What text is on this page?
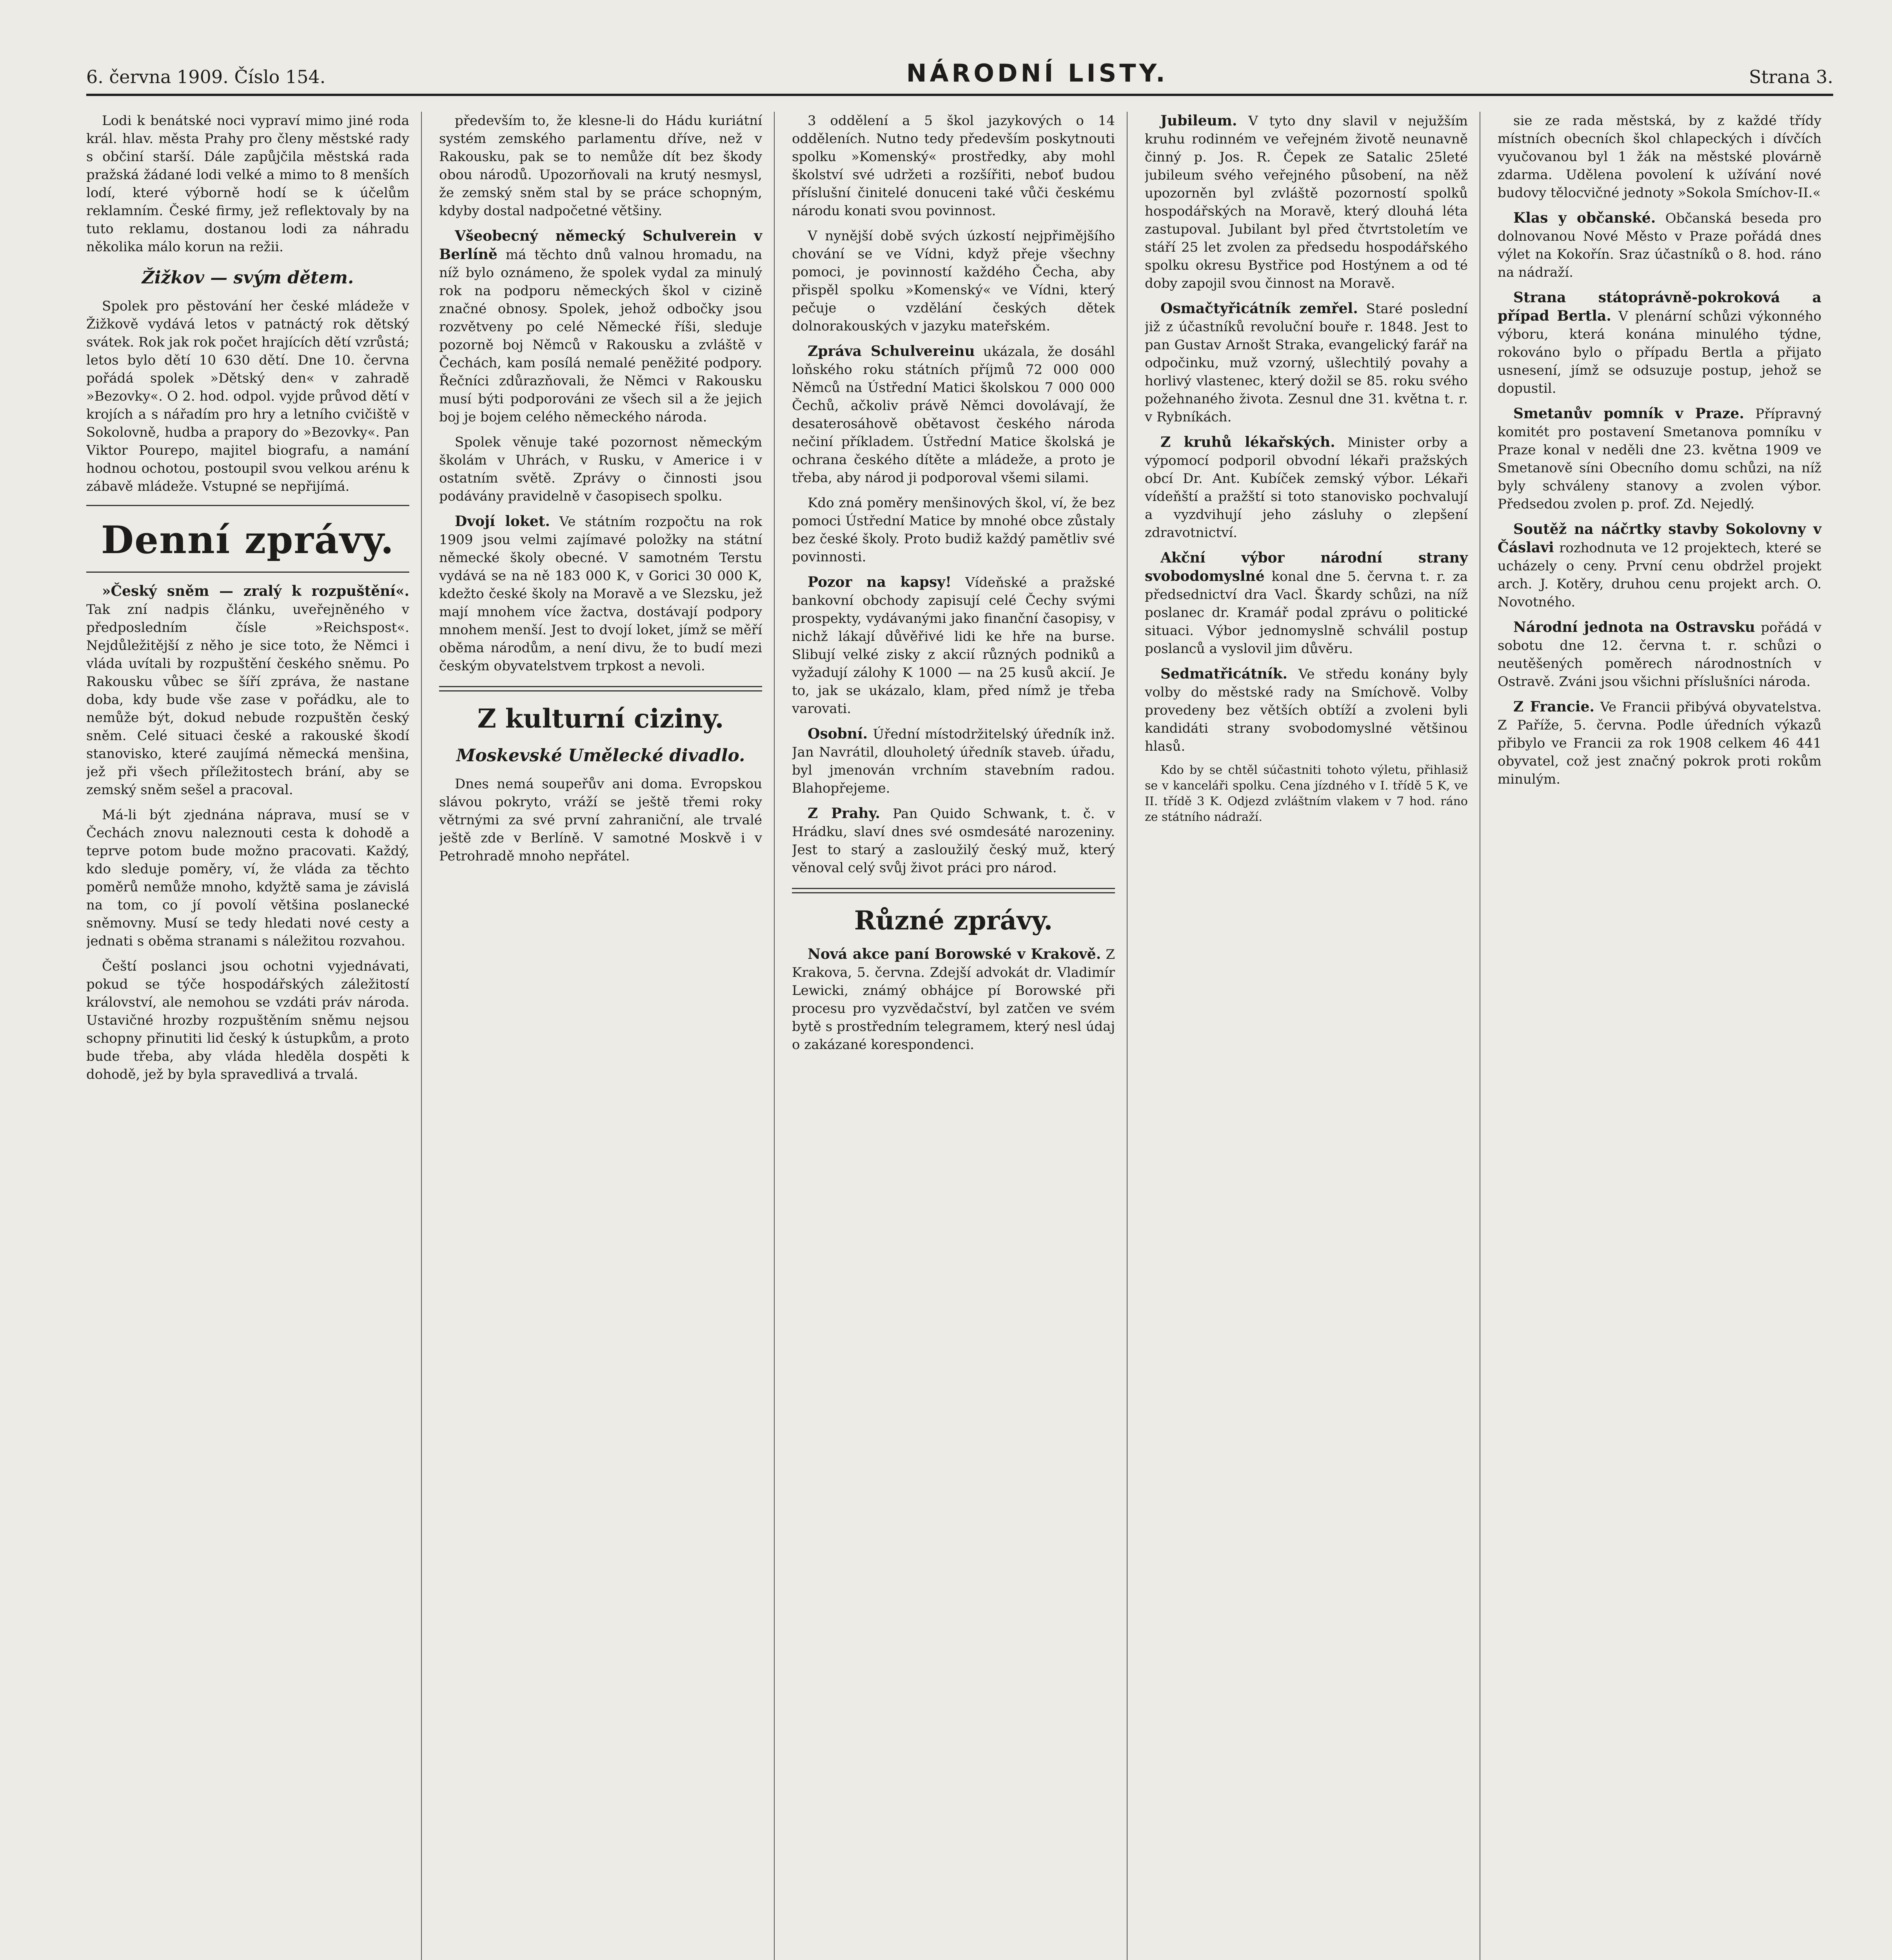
6. června 1909. Číslo 154.	NÁRODNÍ LISTY.	Strana 3.

Lodi k benátské noci vypraví mimo jiné roda král. hlav. města Prahy pro členy městské rady s občiní starší. Dále zapůjčila městská rada pražská žádané lodi velké a mimo to 8 menších lodí, které výborně hodí se k účelům reklamním. České firmy, jež reflektovaly by na tuto reklamu, dostanou lodi za náhradu několika málo korun na režii.

Žižkov — svým dětem.

Spolek pro pěstování her české mládeže v Žižkově vydává letos v patnáctý rok dětský svátek. Rok jak rok počet hrajících dětí vzrůstá; letos bylo dětí 10 630 dětí. Dne 10. června pořádá spolek »Dětský den« v zahradě »Bezovky«. O 2. hod. odpol. vyjde průvod dětí v krojích a s nářadím pro hry a letního cvičiště v Sokolovně, hudba a prapory do »Bezovky«. Pan Viktor Pourepo, majitel biografu, a namání hodnou ochotou, postoupil svou velkou arénu k zábavě mládeže. Vstupné se nepřijímá.

Denní zprávy.

»Český sněm — zralý k rozpuštění«. Tak zní nadpis článku, uveřejněného v předposledním čísle »Reichspost«. Nejdůležitější z něho je sice toto, že Němci i vláda uvítali by rozpuštění českého sněmu. Po Rakousku vůbec se šíří zpráva, že nastane doba, kdy bude vše zase v pořádku, ale to nemůže být, dokud nebude rozpuštěn český sněm. Celé situaci české a rakouské škodí stanovisko, které zaujímá německá menšina, jež při všech příležitostech brání, aby se zemský sněm sešel a pracoval.

Má-li být zjednána náprava, musí se v Čechách znovu naleznouti cesta k dohodě a teprve potom bude možno pracovati. Každý, kdo sleduje poměry, ví, že vláda za těchto poměrů nemůže mnoho, kdyžtě sama je závislá na tom, co jí povolí většina poslanecké sněmovny. Musí se tedy hledati nové cesty a jednati s oběma stranami s náležitou rozvahou.

Čeští poslanci jsou ochotni vyjednávati, pokud se týče hospodářských záležitostí království, ale nemohou se vzdáti práv národa. Ustavičné hrozby rozpuštěním sněmu nejsou schopny přinutiti lid český k ústupkům, a proto bude třeba, aby vláda hleděla dospěti k dohodě, jež by byla spravedlivá a trvalá.

především to, že klesne-li do Hádu kuriátní systém zemského parlamentu dříve, než v Rakousku, pak se to nemůže dít bez škody obou národů. Upozorňovali na krutý nesmysl, že zemský sněm stal by se práce schopným, kdyby dostal nadpočetné většiny.

Všeobecný německý Schulverein v Berlíně má těchto dnů valnou hromadu, na níž bylo oznámeno, že spolek vydal za minulý rok na podporu německých škol v cizině značné obnosy. Spolek, jehož odbočky jsou rozvětveny po celé Německé říši, sleduje pozorně boj Němců v Rakousku a zvláště v Čechách, kam posílá nemalé peněžité podpory. Řečníci zdůrazňovali, že Němci v Rakousku musí býti podporováni ze všech sil a že jejich boj je bojem celého německého národa.

Spolek věnuje také pozornost německým školám v Uhrách, v Rusku, v Americe i v ostatním světě. Zprávy o činnosti jsou podávány pravidelně v časopisech spolku.

Dvojí loket. Ve státním rozpočtu na rok 1909 jsou velmi zajímavé položky na státní německé školy obecné. V samotném Terstu vydává se na ně 183 000 K, v Gorici 30 000 K, kdežto české školy na Moravě a ve Slezsku, jež mají mnohem více žactva, dostávají podpory mnohem menší. Jest to dvojí loket, jímž se měří oběma národům, a není divu, že to budí mezi českým obyvatelstvem trpkost a nevoli.

Z kulturní ciziny.
Moskevské Umělecké divadlo.

Dnes nemá soupeřův ani doma. Evropskou slávou pokryto, vráží se ještě třemi roky větrnými za své první zahraniční, ale trvalé ještě zde v Berlíně. V samotné Moskvě i v Petrohradě mnoho nepřátel.

3 oddělení a 5 škol jazykových o 14 odděleních. Nutno tedy především poskytnouti spolku »Komenský« prostředky, aby mohl školství své udržeti a rozšířiti, neboť budou příslušní činitelé donuceni také vůči českému národu konati svou povinnost.

V nynější době svých úzkostí nejpřimějšího chování se ve Vídni, když přeje všechny pomoci, je povinností každého Čecha, aby přispěl spolku »Komenský« ve Vídni, který pečuje o vzdělání českých dětek dolnorakouských v jazyku mateřském.

Zpráva Schulvereinu ukázala, že dosáhl loňského roku státních příjmů 72 000 000 Němců na Ústřední Matici školskou 7 000 000 Čechů, ačkoliv právě Němci dovolávají, že desaterosáhově obětavost českého národa nečiní příkladem. Ústřední Matice školská je ochrana českého dítěte a mládeže, a proto je třeba, aby národ ji podporoval všemi silami.

Kdo zná poměry menšinových škol, ví, že bez pomoci Ústřední Matice by mnohé obce zůstaly bez české školy. Proto budiž každý pamětliv své povinnosti.

Pozor na kapsy! Vídeňské a pražské bankovní obchody zapisují celé Čechy svými prospekty, vydávanými jako finanční časopisy, v nichž lákají důvěřivé lidi ke hře na burse. Slibují velké zisky z akcií různých podniků a vyžadují zálohy K 1000 — na 25 kusů akcií. Je to, jak se ukázalo, klam, před nímž je třeba varovati.

Osobní. Úřední místodržitelský úředník inž. Jan Navrátil, dlouholetý úředník staveb. úřadu, byl jmenován vrchním stavebním radou. Blahopřejeme.

Z Prahy. Pan Quido Schwank, t. č. v Hrádku, slaví dnes své osmdesáté narozeniny. Jest to starý a zasloužilý český muž, který věnoval celý svůj život práci pro národ.

Různé zprávy.

Nová akce paní Borowské v Krakově. Z Krakova, 5. června. Zdejší advokát dr. Vladimír Lewicki, známý obhájce pí Borowské při procesu pro vyzvědačství, byl zatčen ve svém bytě s prostředním telegramem, který nesl údaj o zakázané korespondenci.

Jubileum. V tyto dny slavil v nejužším kruhu rodinném ve veřejném životě neunavně činný p. Jos. R. Čepek ze Satalic 25leté jubileum svého veřejného působení, na něž upozorněn byl zvláště pozorností spolků hospodářských na Moravě, který dlouhá léta zastupoval. Jubilant byl před čtvrtstoletím ve stáří 25 let zvolen za předsedu hospodářského spolku okresu Bystřice pod Hostýnem a od té doby zapojil svou činnost na Moravě.

Osmačtyřicátník zemřel. Staré poslední již z účastníků revoluční bouře r. 1848. Jest to pan Gustav Arnošt Straka, evangelický farář na odpočinku, muž vzorný, ušlechtilý povahy a horlivý vlastenec, který dožil se 85. roku svého požehnaného života. Zesnul dne 31. května t. r. v Rybníkách.

Z kruhů lékařských. Minister orby a výpomocí podporil obvodní lékaři pražských obcí Dr. Ant. Kubíček zemský výbor. Lékaři vídeňští a pražští si toto stanovisko pochvalují a vyzdvihují jeho zásluhy o zlepšení zdravotnictví.

Akční výbor národní strany svobodomyslné konal dne 5. června t. r. za předsednictví dra Vacl. Škardy schůzi, na níž poslanec dr. Kramář podal zprávu o politické situaci. Výbor jednomyslně schválil postup poslanců a vyslovil jim důvěru.

Sedmatřicátník. Ve středu konány byly volby do městské rady na Smíchově. Volby provedeny bez větších obtíží a zvoleni byli kandidáti strany svobodomyslné většinou hlasů.

Kdo by se chtěl súčastniti tohoto výletu, přihlasiž se v kanceláři spolku. Cena jízdného v I. třídě 5 K, ve II. třídě 3 K. Odjezd zvláštním vlakem v 7 hod. ráno ze státního nádraží.

sie ze rada městská, by z každé třídy místních obecních škol chlapeckých i dívčích vyučovanou byl 1 žák na městské plovárně zdarma. Udělena povolení k užívání nové budovy tělocvičné jednoty »Sokola Smíchov-II.«

Klas y občanské. Občanská beseda pro dolnovanou Nové Město v Praze pořádá dnes výlet na Kokořín. Sraz účastníků o 8. hod. ráno na nádraží.

Strana státoprávně-pokroková a případ Bertla. V plenární schůzi výkonného výboru, která konána minulého týdne, rokováno bylo o případu Bertla a přijato usnesení, jímž se odsuzuje postup, jehož se dopustil.

Smetanův pomník v Praze. Přípravný komitét pro postavení Smetanova pomníku v Praze konal v neděli dne 23. května 1909 ve Smetanově síni Obecního domu schůzi, na níž byly schváleny stanovy a zvolen výbor. Předsedou zvolen p. prof. Zd. Nejedlý.

Soutěž na náčrtky stavby Sokolovny v Čáslavi rozhodnuta ve 12 projektech, které se ucházely o ceny. První cenu obdržel projekt arch. J. Kotěry, druhou cenu projekt arch. O. Novotného.

Národní jednota na Ostravsku pořádá v sobotu dne 12. června t. r. schůzi o neutěšených poměrech národnostních v Ostravě. Zváni jsou všichni příslušníci národa.

Z Francie. Ve Francii přibývá obyvatelstva. Z Paříže, 5. června. Podle úředních výkazů přibylo ve Francii za rok 1908 celkem 46 441 obyvatel, což jest značný pokrok proti rokům minulým.
